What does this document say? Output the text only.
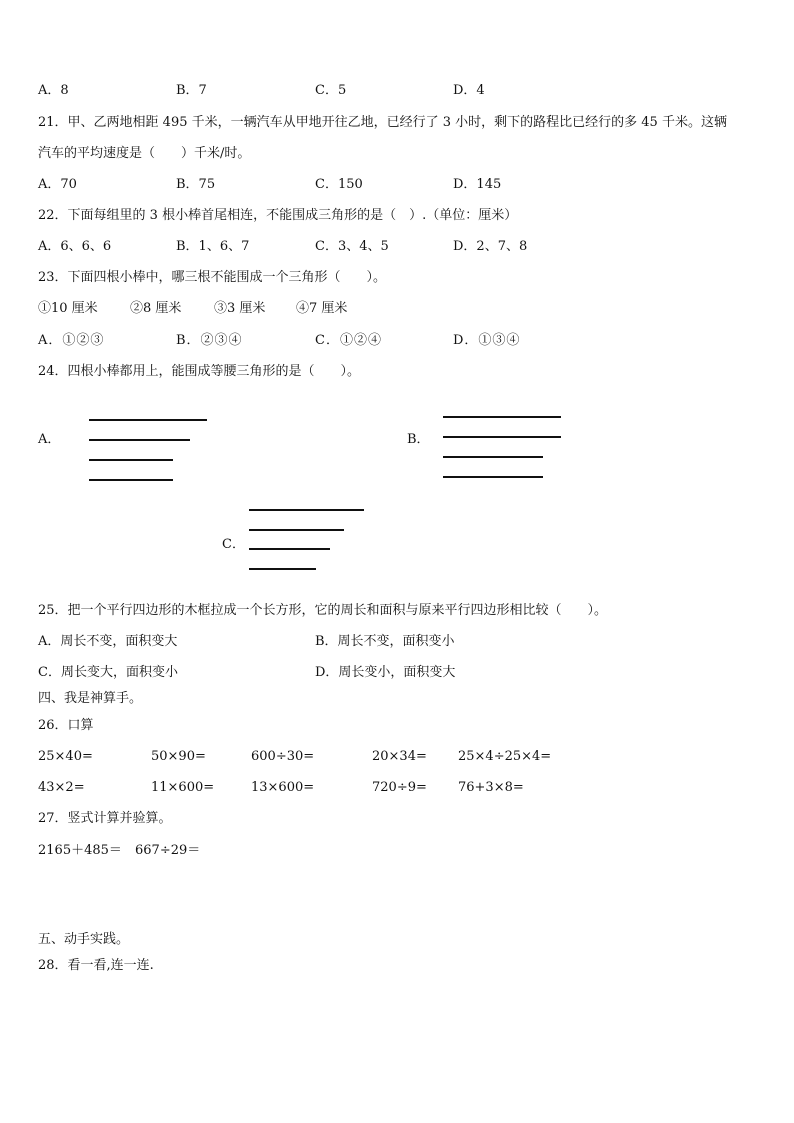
A．8	B．7	C．5	D．4
21．甲、乙两地相距 495 千米，一辆汽车从甲地开往乙地，已经行了 3 小时，剩下的路程比已经行的多 45 千米。这辆
汽车的平均速度是（　　）千米/时。
A．70	B．75	C．150	D．145
22．下面每组里的 3 根小棒首尾相连，不能围成三角形的是（　）.（单位：厘米）
A．6、6、6	B．1、6、7	C．3、4、5	D．2、7、8
23．下面四根小棒中，哪三根不能围成一个三角形（　　）。
①10 厘米 ②8 厘米	③3 厘米 ④7 厘米
A．①②③	B．②③④	C．①②④	D．①③④
24．四根小棒都用上，能围成等腰三角形的是（　　）。
A．	B．
C．
25．把一个平行四边形的木框拉成一个长方形，它的周长和面积与原来平行四边形相比较（　　）。
A．周长不变，面积变大	B．周长不变，面积变小
C．周长变大，面积变小	D．周长变小，面积变大
四、我是神算手。
26．口算
25×40=	50×90=	600÷30=	20×34= 25×4÷25×4=
43×2=	11×600=	13×600=	720÷9= 76+3×8=
27．竖式计算并验算。
2165＋485＝ 667÷29＝
五、动手实践。
28．看一看,连一连.
